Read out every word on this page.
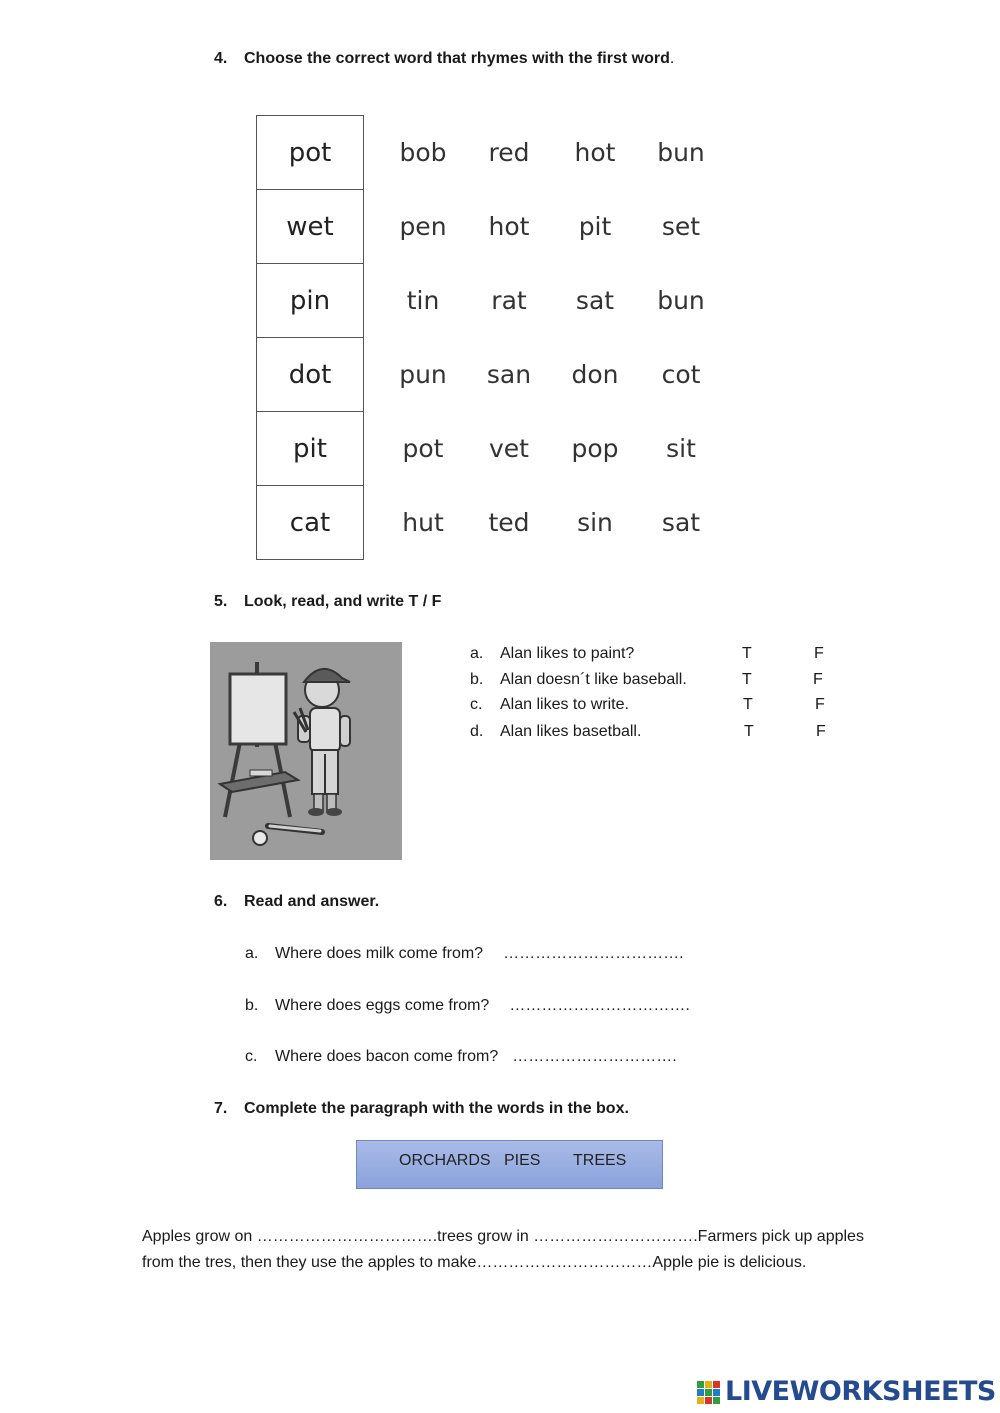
4. Choose the correct word that rhymes with the first word.
pot	bob	red	hot	bun
wet	pen	hot	pit	set
pin	tin	rat	sat	bun
dot	pun	san	don	cot
pit	pot	vet	pop	sit
cat	hut	ted	sin	sat
5. Look, read, and write T / F
a. Alan likes to paint?	T	F
b. Alan doesn´t like baseball.	T	F
c. Alan likes to write.	T	F
d. Alan likes basetball.	T	F
6. Read and answer.
a. Where does milk come from? …………………………….
b. Where does eggs come from? …………………………….
c. Where does bacon come from? ………………………….
7. Complete the paragraph with the words in the box.
ORCHARDS PIES TREES
Apples grow on …………………………….trees grow in ………………………….Farmers pick up apples
from the tres, then they use the apples to make……………………………Apple pie is delicious.
LIVEWORKSHEETS
